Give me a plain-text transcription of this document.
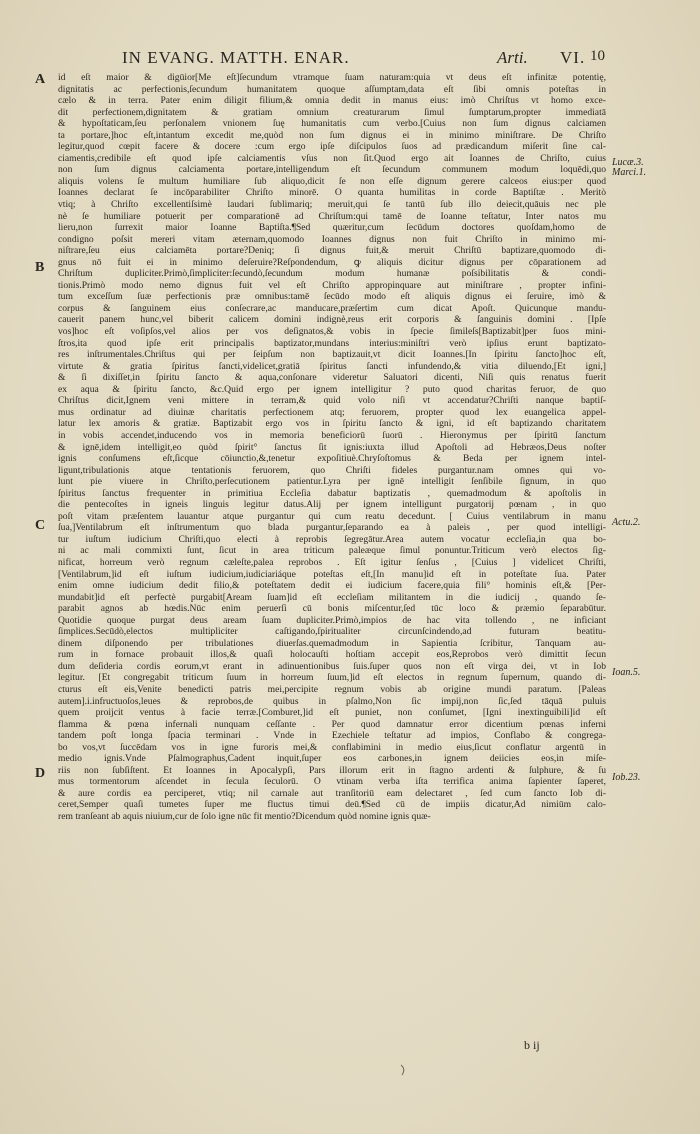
IN EVANG. MATTH. ENAR.	Arti. VI. 10
A
B
C
D
id eſt maior & digūior[Me eſt]ſecundum vtramque ſuam naturam:quia vt deus eſt infinitæ potentię,
dignitatis ac perfectionis,ſecundum humanitatem quoque aſſumptam,data eſt ſibi omnis poteſtas in
cælo & in terra. Pater enim diligit filium,& omnia dedit in manus eius: imò Chriſtus vt homo exce-
dit perfectionem,dignitatem & gratiam omnium creaturarum ſimul ſumptarum,propter immediatā
& hypoſtaticam,ſeu perſonalem vnionem ſuę humanitatis cum verbo.[Cuius non ſum dignus calciamen
ta portare,]hoc eſt,intantum excedit me,quòd non ſum dignus ei in minimo miniſtrare. De Chriſto
legitur,quod cœpit facere & docere :cum ergo ipſe diſcipulos ſuos ad prædicandum miſerit ſine cal-
ciamentis,credibile eſt quod ipſe calciamentis vſus non ſit.Quod ergo ait Ioannes de Chriſto, cuius
non ſum dignus calciamenta portare,intelligendum eſt ſecundum communem modum loquēdi,quo
aliquis volens ſe multum humiliare ſub aliquo,dicit ſe non eſſe dignum gerere calceos eius:per quod
Ioannes declarat ſe incōparabiliter Chriſto minorē. O quanta humilitas in corde Baptiſtæ . Meritò
vtiq; à Chriſto excellentiſsimè laudari ſublimariq; meruit,qui ſe tantū ſub illo deiecit,quāuis nec ple
nè ſe humiliare potuerit per comparationē ad Chriſtum:qui tamē de Ioanne teſtatur, Inter natos mu
lieru,non ſurrexit maior Ioanne Baptiſta.¶Sed quæritur,cum ſecūdum doctores quoſdam,homo de
condigno poſsit mereri vitam æternam,quomodo Ioannes dignus non fuit Chriſto in minimo mi-
niſtrare,ſeu eius calciamēta portare?Deniq; ſi dignus fuit,& meruit Chriſtū baptizare,quomodo di-
gnus nō fuit ei in minimo deſeruire?Reſpondendum, ꝙ aliquis dicitur dignus per cōparationem ad
Chriſtum dupliciter.Primò,ſimpliciter:ſecundò,ſecundum modum humanæ poſsibilitatis & condi-
tionis.Primò modo nemo dignus fuit vel eſt Chriſto appropinquare aut miniſtrare , propter infini-
tum exceſſum ſuæ perfectionis præ omnibus:tamē ſecūdo modo eſt aliquis dignus ei ſeruire, imò &
corpus & ſanguinem eius conſecrare,ac manducare,præſertim cum dicat Apoſt. Quicunque mandu-
cauerit panem hunc,vel biberit calicem domini indignè,reus erit corporis & ſanguinis domini . [Ipſe
vos]hoc eſt voſipſos,vel alios per vos deſignatos,& vobis in ſpecie ſimileſs[Baptizabit]per ſuos mini-
ſtros,ita quod ipſe erit principalis baptizator,mundans interius:miniſtri verò ipſius erunt baptizato-
res inſtrumentales.Chriſtus qui per ſeipſum non baptizauit,vt dicit Ioannes.[In ſpiritu ſancto]hoc eſt,
virtute & gratia ſpiritus ſancti,videlicet,gratiā ſpiritus ſancti infundendo,& vitia diluendo,[Et igni,]
& ſi dixiſſet,in ſpiritu ſancto & aqua,conſonare videretur Saluatori dicenti, Niſi quis renatus fuerit
ex aqua & ſpiritu ſancto, &c.Quid ergo per ignem intelligitur ? puto quod charitas feruor, de quo
Chriſtus dicit,Ignem veni mittere in terram,& quid volo niſi vt accendatur?Chriſti nanque baptiſ-
mus ordinatur ad diuinæ charitatis perfectionem atq; feruorem, propter quod lex euangelica appel-
latur lex amoris & gratiæ. Baptizabit ergo vos in ſpiritu ſancto & igni, id eſt baptizando charitatem
in vobis accendet,inducendo vos in memoria beneficiorū ſuorū . Hieronymus per ſpiritū ſanctum
& ignē,idem intelligit,eo quòd ſpirit° ſanctus ſit ignis:iuxta illud Apoſtoli ad Hebræos,Deus noſter
ignis conſumens eſt,ſicque cōiunctio,&,tenetur expoſitiuè.Chryſoſtomus & Beda per ignem intel-
ligunt,tribulationis atque tentationis feruorem, quo Chriſti fideles purgantur.nam omnes qui vo-
lunt pie viuere in Chriſto,perſecutionem patientur.Lyra per ignē intelligit ſenſibile ſignum, in quo
ſpiritus ſanctus frequenter in primitiua Eccleſia dabatur baptizatis , quemadmodum & apoſtolis in
die pentecoſtes in igneis linguis legitur datus.Alij per ignem intelligunt purgatorij pœnam , in quo
poſt vitam præſentem lauantur atque purgantur qui cum reatu decedunt. [ Cuius ventilabrum in manu
ſua,]Ventilabrum eſt inſtrumentum quo blada purgantur,ſeparando ea à paleis , per quod intelligi-
tur iuſtum iudicium Chriſti,quo electi à reprobis ſegregātur.Area autem vocatur eccleſia,in qua bo-
ni ac mali commixti ſunt, ſicut in area triticum paleæque ſimul ponuntur.Triticum verò electos ſig-
nificat, horreum verò regnum cæleſte,palea reprobos . Eſt igitur ſenſus , [Cuius ] videlicet Chriſti,
[Ventilabrum,]id eſt iuſtum iudicium,iudiciariáque poteſtas eſt,[In manu]id eſt in poteſtate ſua. Pater
enim omne iudicium dedit filio,& poteſtatem dedit ei iudicium facere,quia fili° hominis eſt,& [Per-
mundabit]id eſt perfectè purgabit[Aream ſuam]id eſt eccleſiam militantem in die iudicij , quando ſe-
parabit agnos ab hœdis.Nūc enim peruerſi cū bonis miſcentur,ſed tūc loco & præmio ſeparabūtur.
Quotidie quoque purgat deus aream ſuam dupliciter.Primò,impios de hac vita tollendo , ne inficiant
ſimplices.Secūdò,electos multipliciter caſtigando,ſpiritualiter circunſcindendo,ad futuram beatitu-
dinem diſponendo per tribulationes diuerſas.quemadmodum in Sapientia ſcribitur, Tanquam au-
rum in fornace probauit illos,& quaſi holocauſti hoſtiam accepit eos,Reprobos verò dimittit ſecun
dum deſideria cordis eorum,vt erant in adinuentionibus ſuis.ſuper quos non eſt virga dei, vt in Iob
legitur. [Et congregabit triticum ſuum in horreum ſuum,]id eſt electos in regnum ſupernum, quando di-
cturus eſt eis,Venite benedicti patris mei,percipite regnum vobis ab origine mundi paratum. [Paleas
autem].i.infructuoſos,leues & reprobos,de quibus in pſalmo,Non ſic impij,non ſic,ſed tāquā puluis
quem proijcit ventus à facie terræ.[Comburet,]id eſt puniet, non conſumet, [Igni inextinguibili]id eſt
flamma & pœna infernali nunquam ceſſante . Per quod damnatur error dicentium pœnas inferni
tandem poſt longa ſpacia terminari . Vnde in Ezechiele teſtatur ad impios, Conflabo & congrega-
bo vos,vt ſuccēdam vos in igne furoris mei,& conflabimini in medio eius,ſicut conflatur argentū in
medio ignis.Vnde Pſalmographus,Cadent inquit,ſuper eos carbones,in ignem deiicies eos,in miſe-
riis non ſubſiſtent. Et Ioannes in Apocalypſi, Pars illorum erit in ſtagno ardenti & ſulphure, & ſu
mus tormentorum aſcendet in ſecula ſeculorū. O vtinam verba iſta terrifica anima ſapienter ſaperet,
& aure cordis ea perciperet, vtiq; nil carnale aut tranſitoriū eam delectaret , ſed cum ſancto Iob di-
ceret,Semper quaſi tumetes ſuper me fluctus timui deū.¶Sed cū de impiis dicatur,Ad nimiūm calo-
rem tranſeant ab aquis niuium,cur de ſolo igne nūc fit mentio?Dicendum quòd nomine ignis quæ-
Lucæ.3.
Marci.1.
Actu.2.
Ioan.5.
Iob.23.
b ij
